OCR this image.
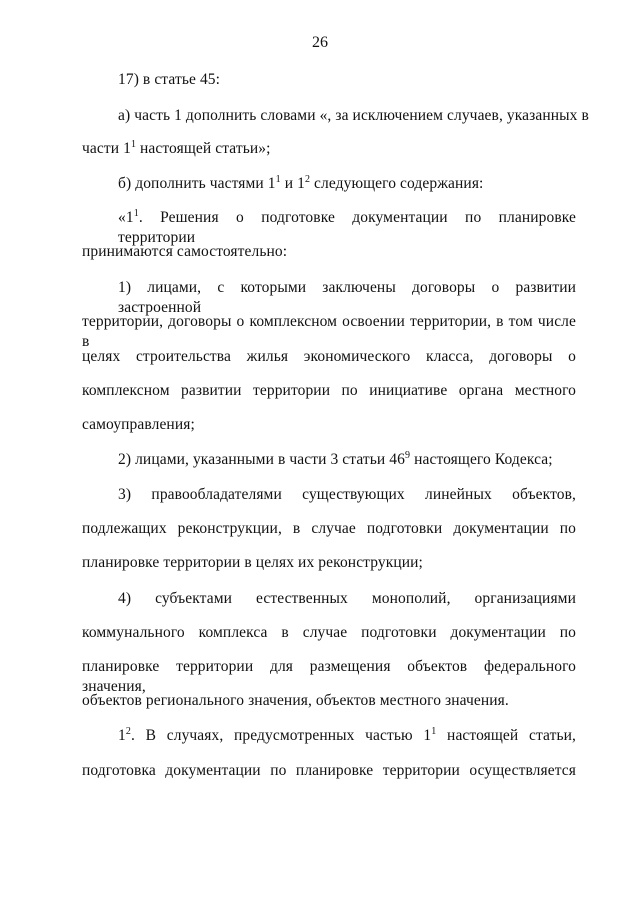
26
17) в статье 45:
а) часть 1 дополнить словами «, за исключением случаев, указанных в
части $1^1$ настоящей статьи»;
б) дополнить частями $1^1$ и $1^2$ следующего содержания:
«$1^1$. Решения о подготовке документации по планировке территории
принимаются самостоятельно:
1) лицами, с которыми заключены договоры о развитии застроенной
территории, договоры о комплексном освоении территории, в том числе в
целях строительства жилья экономического класса, договоры о
комплексном развитии территории по инициативе органа местного
самоуправления;
2) лицами, указанными в части 3 статьи $46^9$ настоящего Кодекса;
3) правообладателями существующих линейных объектов,
подлежащих реконструкции, в случае подготовки документации по
планировке территории в целях их реконструкции;
4) субъектами естественных монополий, организациями
коммунального комплекса в случае подготовки документации по
планировке территории для размещения объектов федерального значения,
объектов регионального значения, объектов местного значения.
$1^2$. В случаях, предусмотренных частью $1^1$ настоящей статьи,
подготовка документации по планировке территории осуществляется
